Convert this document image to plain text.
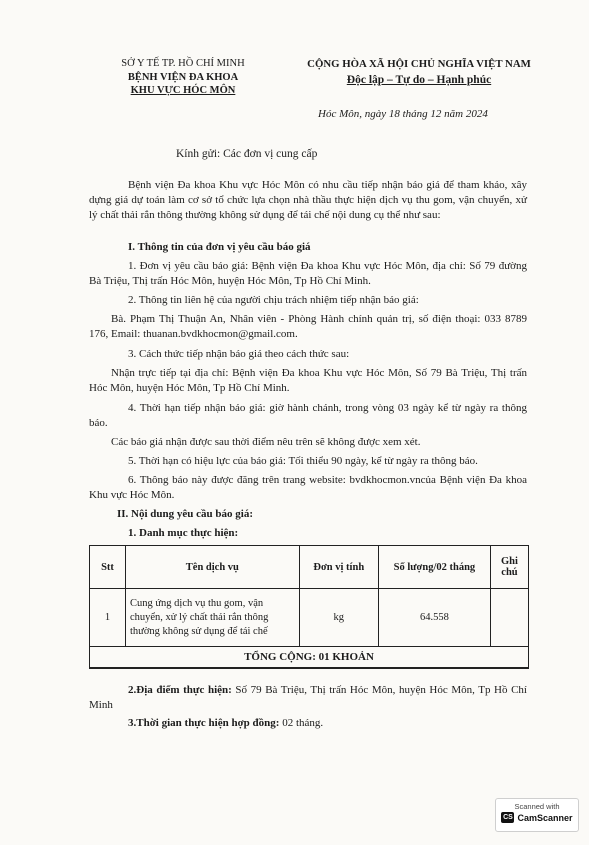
SỞ Y TẾ TP. HỒ CHÍ MINH
BỆNH VIỆN ĐA KHOA
KHU VỰC HÓC MÔN
CỘNG HÒA XÃ HỘI CHỦ NGHĨA VIỆT NAM
Độc lập – Tự do – Hạnh phúc
Hóc Môn, ngày 18 tháng 12 năm 2024
Kính gửi: Các đơn vị cung cấp
Bệnh viện Đa khoa Khu vực Hóc Môn có nhu cầu tiếp nhận báo giá để tham khảo, xây dựng giá dự toán làm cơ sở tổ chức lựa chọn nhà thầu thực hiện dịch vụ thu gom, vận chuyển, xử lý chất thải rắn thông thường không sử dụng để tái chế nội dung cụ thể như sau:
I. Thông tin của đơn vị yêu cầu báo giá
1. Đơn vị yêu cầu báo giá: Bệnh viện Đa khoa Khu vực Hóc Môn, địa chỉ: Số 79 đường Bà Triệu, Thị trấn Hóc Môn, huyện Hóc Môn, Tp Hồ Chí Minh.
2. Thông tin liên hệ của người chịu trách nhiệm tiếp nhận báo giá:
Bà. Phạm Thị Thuận An, Nhân viên - Phòng Hành chính quản trị, số điện thoại: 033 8789 176, Email: thuanan.bvdkhocmon@gmail.com.
3. Cách thức tiếp nhận báo giá theo cách thức sau:
Nhận trực tiếp tại địa chỉ: Bệnh viện Đa khoa Khu vực Hóc Môn, Số 79 Bà Triệu, Thị trấn Hóc Môn, huyện Hóc Môn, Tp Hồ Chí Minh.
4. Thời hạn tiếp nhận báo giá: giờ hành chánh, trong vòng 03 ngày kể từ ngày ra thông báo.
Các báo giá nhận được sau thời điểm nêu trên sẽ không được xem xét.
5. Thời hạn có hiệu lực của báo giá: Tối thiểu 90 ngày, kể từ ngày ra thông báo.
6. Thông báo này được đăng trên trang website: bvdkhocmon.vncủa Bệnh viện Đa khoa Khu vực Hóc Môn.
II. Nội dung yêu cầu báo giá:
1. Danh mục thực hiện:
Stt	Tên dịch vụ	Đơn vị tính	Số lượng/02 tháng	Ghi chú
1	Cung ứng dịch vụ thu gom, vận chuyển, xử lý chất thải rắn thông thường không sử dụng để tái chế	kg	64.558	
TỔNG CỘNG: 01 KHOẢN				
2.Địa điểm thực hiện: Số 79 Bà Triệu, Thị trấn Hóc Môn, huyện Hóc Môn, Tp Hồ Chí Minh
3.Thời gian thực hiện hợp đồng: 02 tháng.
Scanned with
CS CamScanner
